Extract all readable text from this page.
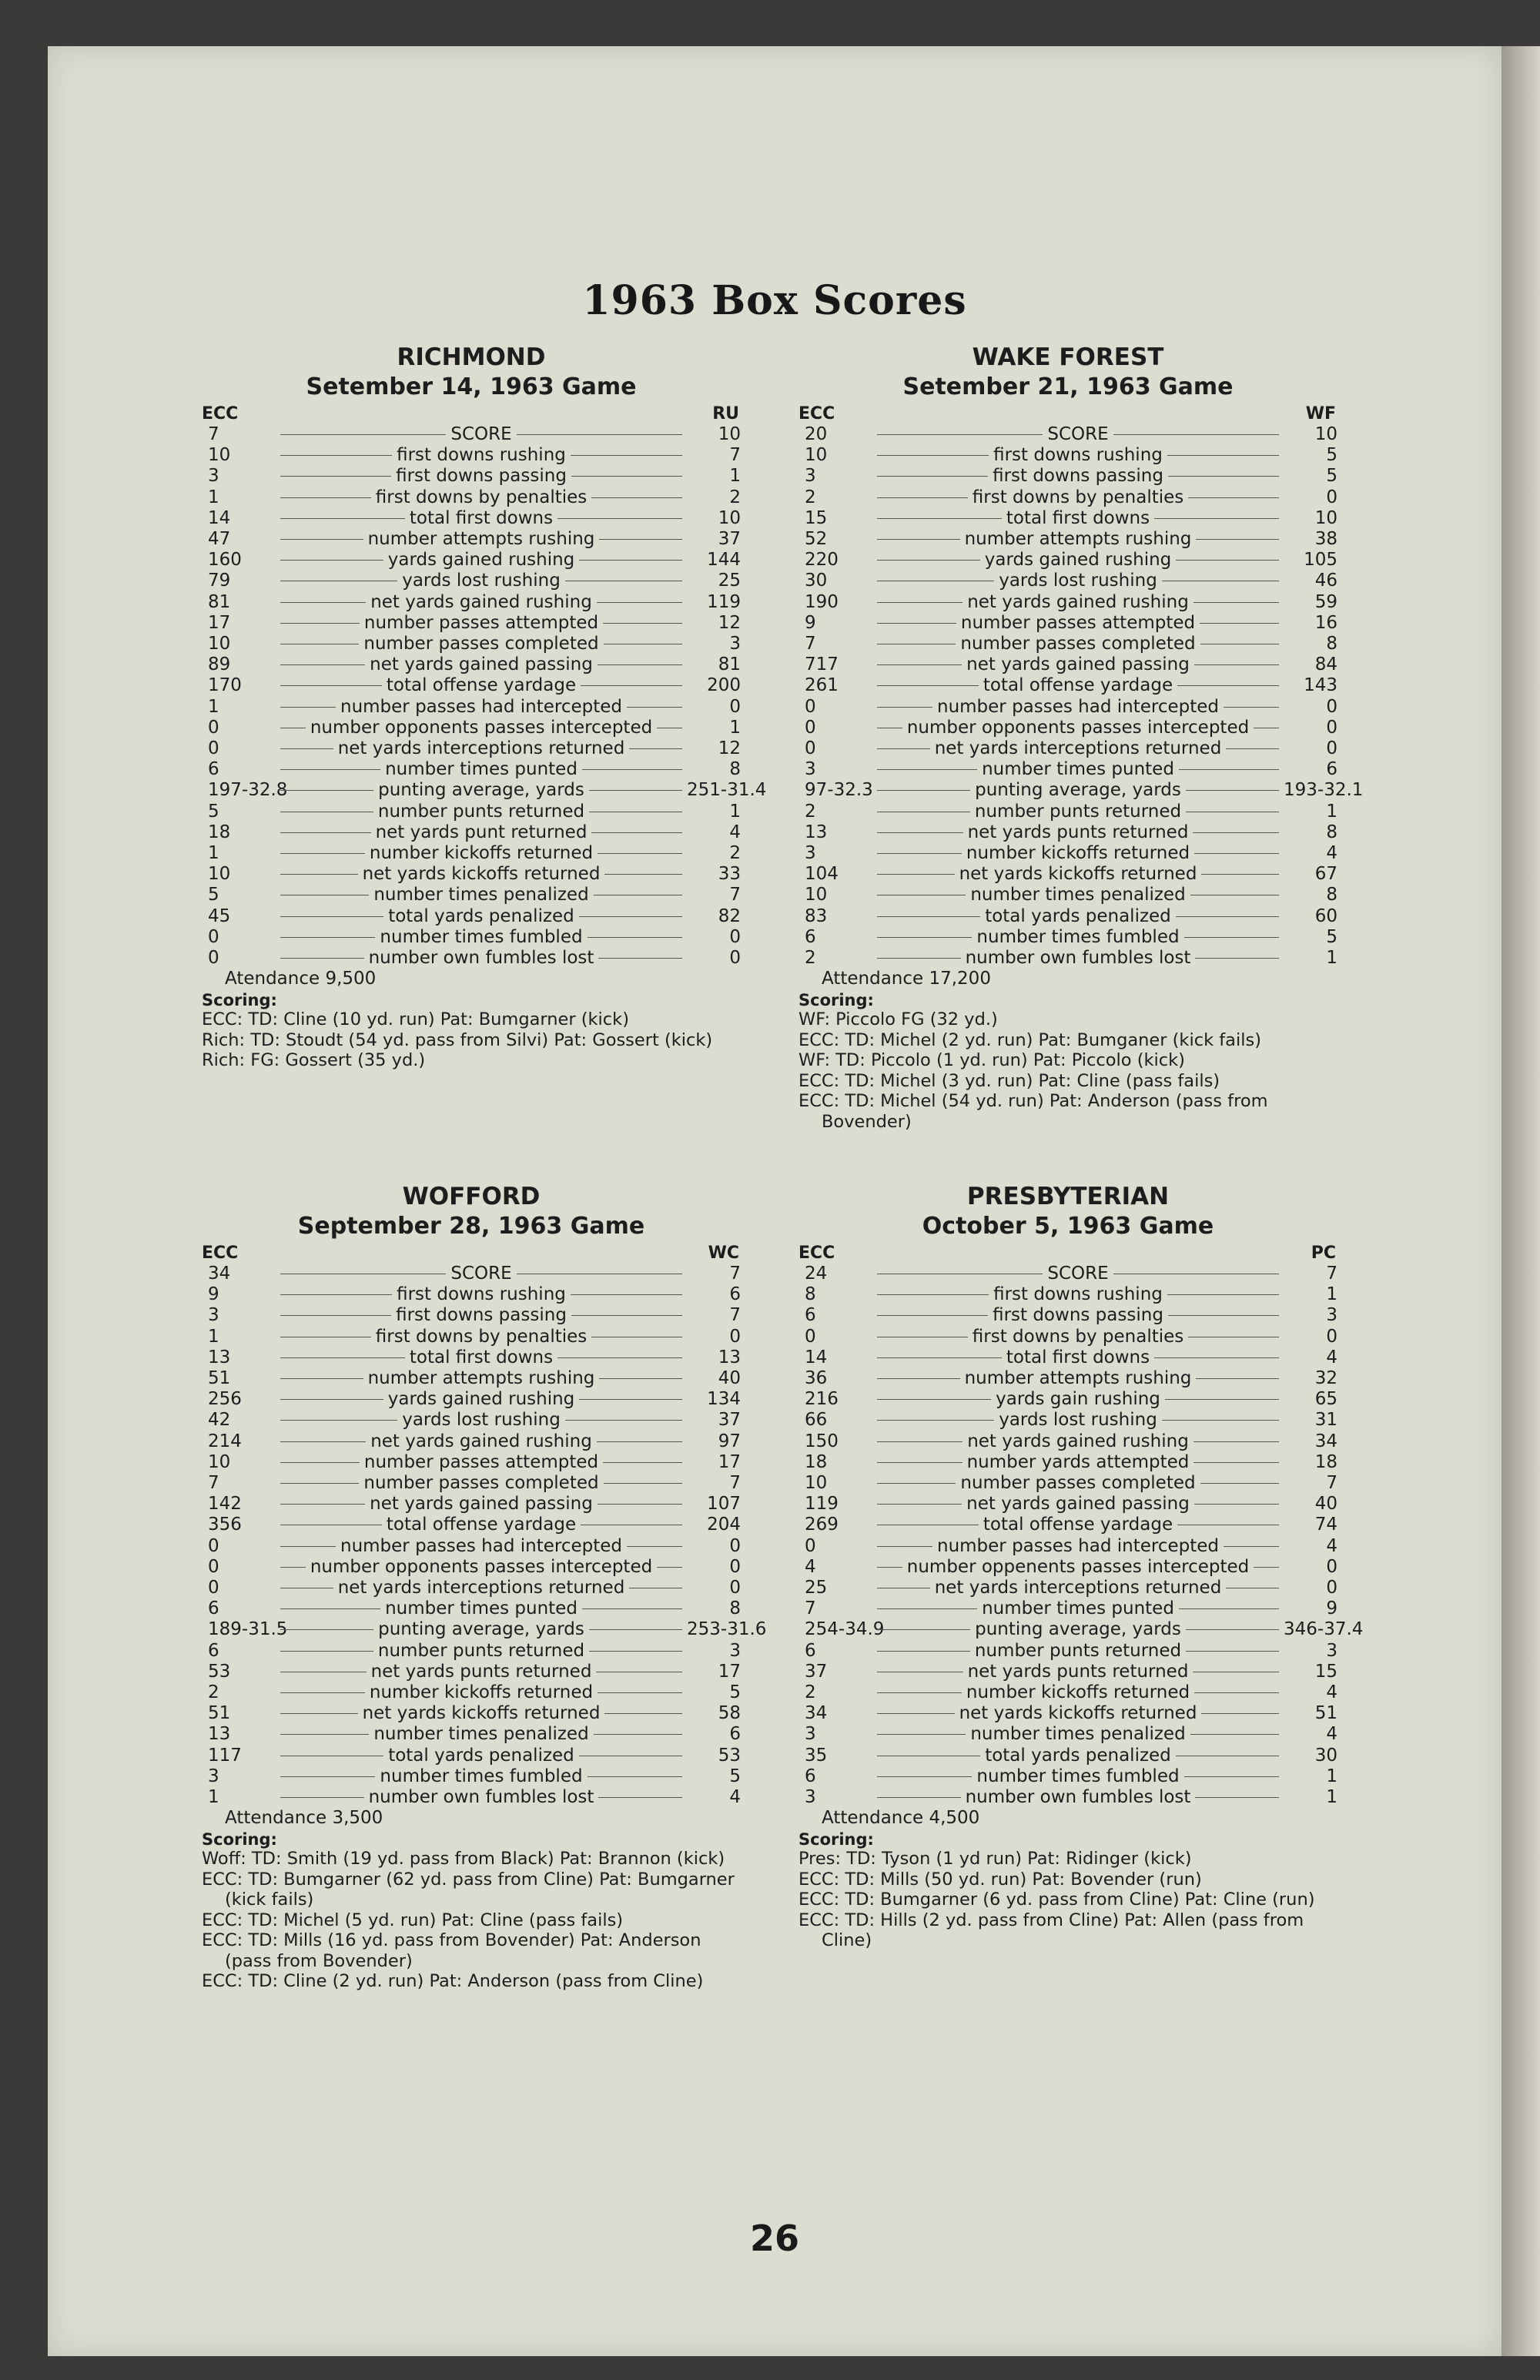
1963 Box Scores
RICHMOND
Setember 14, 1963 Game
ECC	RU
7	SCORE	10
10	first downs rushing	7
3	first downs passing	1
1	first downs by penalties	2
14	total first downs	10
47	number attempts rushing	37
160	yards gained rushing	144
79	yards lost rushing	25
81	net yards gained rushing	119
17	number passes attempted	12
10	number passes completed	3
89	net yards gained passing	81
170	total offense yardage	200
1	number passes had intercepted	0
0	number opponents passes intercepted	1
0	net yards interceptions returned	12
6	number times punted	8
197-32.8	punting average, yards	251-31.4
5	number punts returned	1
18	net yards punt returned	4
1	number kickoffs returned	2
10	net yards kickoffs returned	33
5	number times penalized	7
45	total yards penalized	82
0	number times fumbled	0
0	number own fumbles lost	0
Atendance 9,500
Scoring:
ECC: TD: Cline (10 yd. run) Pat: Bumgarner (kick)
Rich: TD: Stoudt (54 yd. pass from Silvi) Pat: Gossert (kick)
Rich: FG: Gossert (35 yd.)
WAKE FOREST
Setember 21, 1963 Game
ECC	WF
20	SCORE	10
10	first downs rushing	5
3	first downs passing	5
2	first downs by penalties	0
15	total first downs	10
52	number attempts rushing	38
220	yards gained rushing	105
30	yards lost rushing	46
190	net yards gained rushing	59
9	number passes attempted	16
7	number passes completed	8
717	net yards gained passing	84
261	total offense yardage	143
0	number passes had intercepted	0
0	number opponents passes intercepted	0
0	net yards interceptions returned	0
3	number times punted	6
97-32.3	punting average, yards	193-32.1
2	number punts returned	1
13	net yards punts returned	8
3	number kickoffs returned	4
104	net yards kickoffs returned	67
10	number times penalized	8
83	total yards penalized	60
6	number times fumbled	5
2	number own fumbles lost	1
Attendance 17,200
Scoring:
WF: Piccolo FG (32 yd.)
ECC: TD: Michel (2 yd. run) Pat: Bumganer (kick fails)
WF: TD: Piccolo (1 yd. run) Pat: Piccolo (kick)
ECC: TD: Michel (3 yd. run) Pat: Cline (pass fails)
ECC: TD: Michel (54 yd. run) Pat: Anderson (pass from Bovender)
WOFFORD
September 28, 1963 Game
ECC	WC
34	SCORE	7
9	first downs rushing	6
3	first downs passing	7
1	first downs by penalties	0
13	total first downs	13
51	number attempts rushing	40
256	yards gained rushing	134
42	yards lost rushing	37
214	net yards gained rushing	97
10	number passes attempted	17
7	number passes completed	7
142	net yards gained passing	107
356	total offense yardage	204
0	number passes had intercepted	0
0	number opponents passes intercepted	0
0	net yards interceptions returned	0
6	number times punted	8
189-31.5	punting average, yards	253-31.6
6	number punts returned	3
53	net yards punts returned	17
2	number kickoffs returned	5
51	net yards kickoffs returned	58
13	number times penalized	6
117	total yards penalized	53
3	number times fumbled	5
1	number own fumbles lost	4
Attendance 3,500
Scoring:
Woff: TD: Smith (19 yd. pass from Black) Pat: Brannon (kick)
ECC: TD: Bumgarner (62 yd. pass from Cline) Pat: Bumgarner (kick fails)
ECC: TD: Michel (5 yd. run) Pat: Cline (pass fails)
ECC: TD: Mills (16 yd. pass from Bovender) Pat: Anderson (pass from Bovender)
ECC: TD: Cline (2 yd. run) Pat: Anderson (pass from Cline)
PRESBYTERIAN
October 5, 1963 Game
ECC	PC
24	SCORE	7
8	first downs rushing	1
6	first downs passing	3
0	first downs by penalties	0
14	total first downs	4
36	number attempts rushing	32
216	yards gain rushing	65
66	yards lost rushing	31
150	net yards gained rushing	34
18	number yards attempted	18
10	number passes completed	7
119	net yards gained passing	40
269	total offense yardage	74
0	number passes had intercepted	4
4	number oppenents passes intercepted	0
25	net yards interceptions returned	0
7	number times punted	9
254-34.9	punting average, yards	346-37.4
6	number punts returned	3
37	net yards punts returned	15
2	number kickoffs returned	4
34	net yards kickoffs returned	51
3	number times penalized	4
35	total yards penalized	30
6	number times fumbled	1
3	number own fumbles lost	1
Attendance 4,500
Scoring:
Pres: TD: Tyson (1 yd run) Pat: Ridinger (kick)
ECC: TD: Mills (50 yd. run) Pat: Bovender (run)
ECC: TD: Bumgarner (6 yd. pass from Cline) Pat: Cline (run)
ECC: TD: Hills (2 yd. pass from Cline) Pat: Allen (pass from Cline)
26
